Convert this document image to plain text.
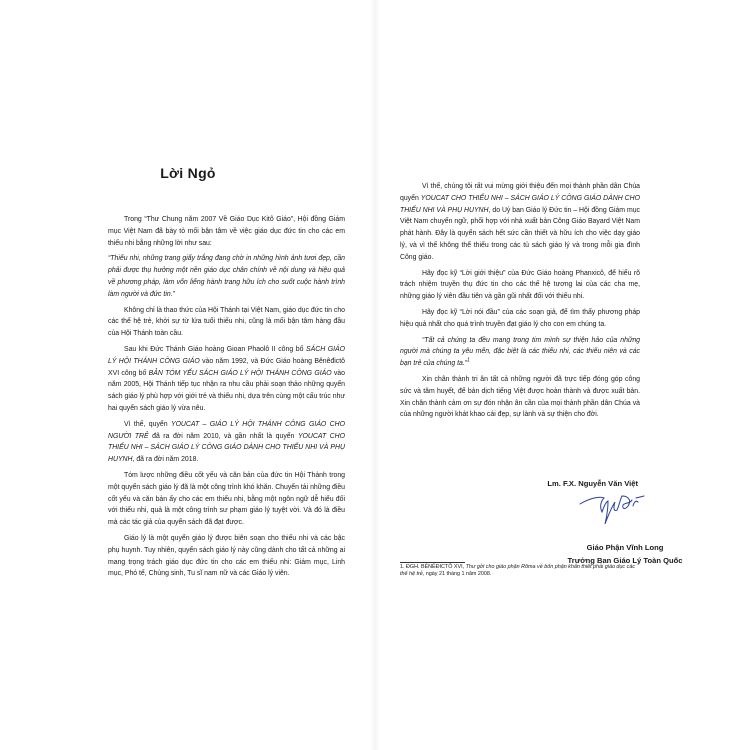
Lời Ngỏ

Trong “Thư Chung năm 2007 Về Giáo Dục Kitô Giáo”, Hội đồng Giám mục Việt Nam đã bày tỏ mối bận tâm về việc giáo dục đức tin cho các em thiếu nhi bằng những lời như sau:

“Thiếu nhi, những trang giấy trắng đang chờ in những hình ảnh tươi đẹp, cần phải được thụ hưởng một nền giáo dục chân chính về nội dung và hiệu quả về phương pháp, làm vốn liếng hành trang hữu ích cho suốt cuộc hành trình làm người và đức tin.”

Không chỉ là thao thức của Hội Thánh tại Việt Nam, giáo dục đức tin cho các thế hệ trẻ, khởi sự từ lứa tuổi thiếu nhi, cũng là mối bận tâm hàng đầu của Hội Thánh toàn cầu.

Sau khi Đức Thánh Giáo hoàng Gioan Phaolô II công bố SÁCH GIÁO LÝ HỘI THÁNH CÔNG GIÁO vào năm 1992, và Đức Giáo hoàng Bênêđictô XVI công bố BẢN TÓM YẾU SÁCH GIÁO LÝ HỘI THÁNH CÔNG GIÁO vào năm 2005, Hội Thánh tiếp tục nhận ra nhu cầu phải soạn thảo những quyển sách giáo lý phù hợp với giới trẻ và thiếu nhi, dựa trên cùng một cấu trúc như hai quyển sách giáo lý vừa nêu.

Vì thế, quyển YOUCAT – GIÁO LÝ HỘI THÁNH CÔNG GIÁO CHO NGƯỜI TRẺ đã ra đời năm 2010, và gần nhất là quyển YOUCAT CHO THIẾU NHI – SÁCH GIÁO LÝ CÔNG GIÁO DÀNH CHO THIẾU NHI VÀ PHỤ HUYNH, đã ra đời năm 2018.

Tóm lược những điều cốt yếu và căn bản của đức tin Hội Thánh trong một quyển sách giáo lý đã là một công trình khó khăn. Chuyển tải những điều cốt yếu và căn bản ấy cho các em thiếu nhi, bằng một ngôn ngữ dễ hiểu đối với thiếu nhi, quả là một công trình sư phạm giáo lý tuyệt vời. Và đó là điều mà các tác giả của quyển sách đã đạt được.

Giáo lý là một quyển giáo lý được biên soạn cho thiếu nhi và các bậc phụ huynh. Tuy nhiên, quyển sách giáo lý này cũng dành cho tất cả những ai mang trọng trách giáo dục đức tin cho các em thiếu nhi: Giám mục, Linh mục, Phó tế, Chủng sinh, Tu sĩ nam nữ và các Giáo lý viên.

Vì thế, chúng tôi rất vui mừng giới thiệu đến mọi thành phần dân Chúa quyển YOUCAT CHO THIẾU NHI – SÁCH GIÁO LÝ CÔNG GIÁO DÀNH CHO THIẾU NHI VÀ PHỤ HUYNH, do Uỷ ban Giáo lý Đức tin – Hội đồng Giám mục Việt Nam chuyển ngữ, phối hợp với nhà xuất bản Công Giáo Bayard Việt Nam phát hành. Đây là quyển sách hết sức cần thiết và hữu ích cho việc dạy giáo lý, và vì thế không thể thiếu trong các tủ sách giáo lý và trong mỗi gia đình Công giáo.

Hãy đọc kỹ “Lời giới thiệu” của Đức Giáo hoàng Phanxicô, để hiểu rõ trách nhiệm truyền thụ đức tin cho các thế hệ tương lai của các cha mẹ, những giáo lý viên đầu tiên và gần gũi nhất đối với thiếu nhi.

Hãy đọc kỹ “Lời nói đầu” của các soạn giả, để tìm thấy phương pháp hiệu quả nhất cho quá trình truyền đạt giáo lý cho con em chúng ta.

“Tất cả chúng ta đều mang trong tim mình sự thiện hảo của những người mà chúng ta yêu mến, đặc biệt là các thiếu nhi, các thiếu niên và các bạn trẻ của chúng ta.”$^1$

Xin chân thành tri ân tất cả những người đã trực tiếp đóng góp công sức và tâm huyết, để bản dịch tiếng Việt được hoàn thành và được xuất bản. Xin chân thành cảm ơn sự đón nhận ân cần của mọi thành phần dân Chúa và của những người khát khao cái đẹp, sự lành và sự thiện cho đời.

Lm. F.X. Nguyễn Văn Việt
Giáo Phận Vĩnh Long
Trưởng Ban Giáo Lý Toàn Quốc
1. ĐGH. BÊNÊĐICTÔ XVI, Thư gởi cho giáo phận Rôma về bổn phận khẩn thiết phải giáo dục các thế hệ trẻ, ngày 21 tháng 1 năm 2008.
